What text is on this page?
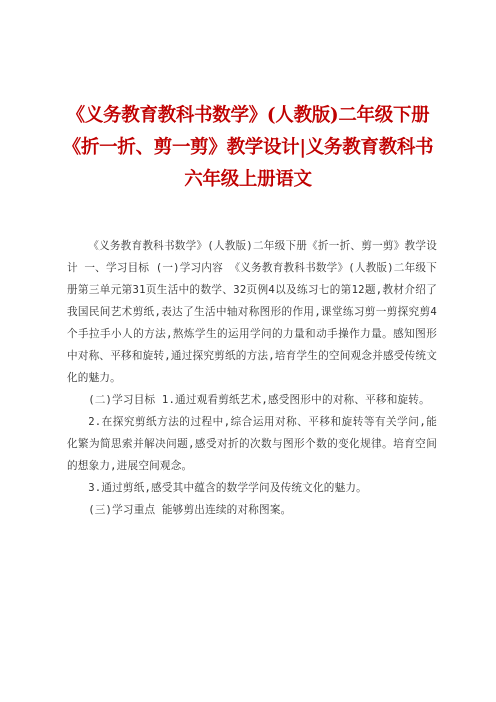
《义务教育教科书数学》(人教版)二年级下册
《折一折、剪一剪》教学设计|义务教育教科书
六年级上册语文

《义务教育教科书数学》(人教版)二年级下册《折一折、剪一剪》教学设计 一、学习目标 (一)学习内容 《义务教育教科书数学》(人教版)二年级下册第三单元第31页生活中的数学、32页例4以及练习七的第12题,教材介绍了我国民间艺术剪纸,表达了生活中轴对称图形的作用,课堂练习剪一剪探究剪4个手拉手小人的方法,熬炼学生的运用学问的力量和动手操作力量。感知图形中对称、平移和旋转,通过探究剪纸的方法,培育学生的空间观念并感受传统文化的魅力。

(二)学习目标 1.通过观看剪纸艺术,感受图形中的对称、平移和旋转。

2.在探究剪纸方法的过程中,综合运用对称、平移和旋转等有关学问,能化繁为简思索并解决问题,感受对折的次数与图形个数的变化规律。培育空间的想象力,进展空间观念。

3.通过剪纸,感受其中蕴含的数学学问及传统文化的魅力。

(三)学习重点 能够剪出连续的对称图案。
